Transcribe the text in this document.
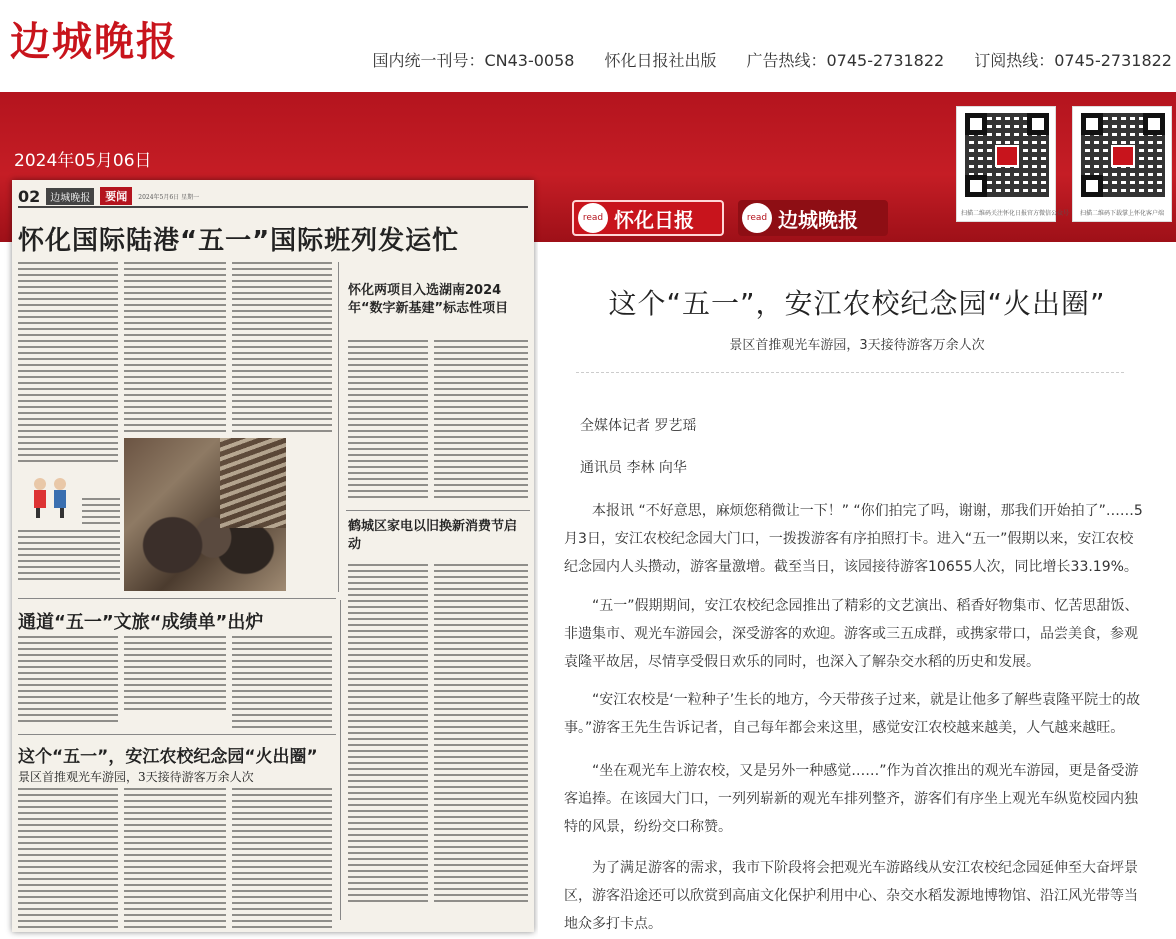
边城晚报	国内统一刊号：CN43-0058 怀化日报社出版 广告热线：0745-2731822 订阅热线：0745-2731822
2024年05月06日
扫描二维码关注怀化日报官方微信公众号	扫描二维码下载掌上怀化客户端
read 怀化日报	read 边城晚报
02	边城晚报	要闻	2024年5月6日 星期一
怀化国际陆港“五一”国际班列发运忙
怀化两项目入选湖南2024年“数字新基建”标志性项目
鹤城区家电以旧换新消费节启动
通道“五一”文旅“成绩单”出炉
这个“五一”，安江农校纪念园“火出圈”
景区首推观光车游园，3天接待游客万余人次
这个“五一”，安江农校纪念园“火出圈”
景区首推观光车游园，3天接待游客万余人次
全媒体记者 罗艺瑶
通讯员 李林 向华
本报讯 “不好意思，麻烦您稍微让一下！” “你们拍完了吗，谢谢，那我们开始拍了”……5月3日，安江农校纪念园大门口，一拨拨游客有序拍照打卡。进入“五一”假期以来，安江农校纪念园内人头攒动，游客量激增。截至当日，该园接待游客10655人次，同比增长33.19%。
“五一”假期期间，安江农校纪念园推出了精彩的文艺演出、稻香好物集市、忆苦思甜饭、非遗集市、观光车游园会，深受游客的欢迎。游客或三五成群，或携家带口，品尝美食，参观袁隆平故居，尽情享受假日欢乐的同时，也深入了解杂交水稻的历史和发展。
“安江农校是‘一粒种子’生长的地方，今天带孩子过来，就是让他多了解些袁隆平院士的故事。”游客王先生告诉记者，自己每年都会来这里，感觉安江农校越来越美，人气越来越旺。
“坐在观光车上游农校，又是另外一种感觉……”作为首次推出的观光车游园，更是备受游客追捧。在该园大门口，一列列崭新的观光车排列整齐，游客们有序坐上观光车纵览校园内独特的风景，纷纷交口称赞。
为了满足游客的需求，我市下阶段将会把观光车游路线从安江农校纪念园延伸至大奋坪景区，游客沿途还可以欣赏到高庙文化保护利用中心、杂交水稻发源地博物馆、沿江风光带等当地众多打卡点。
